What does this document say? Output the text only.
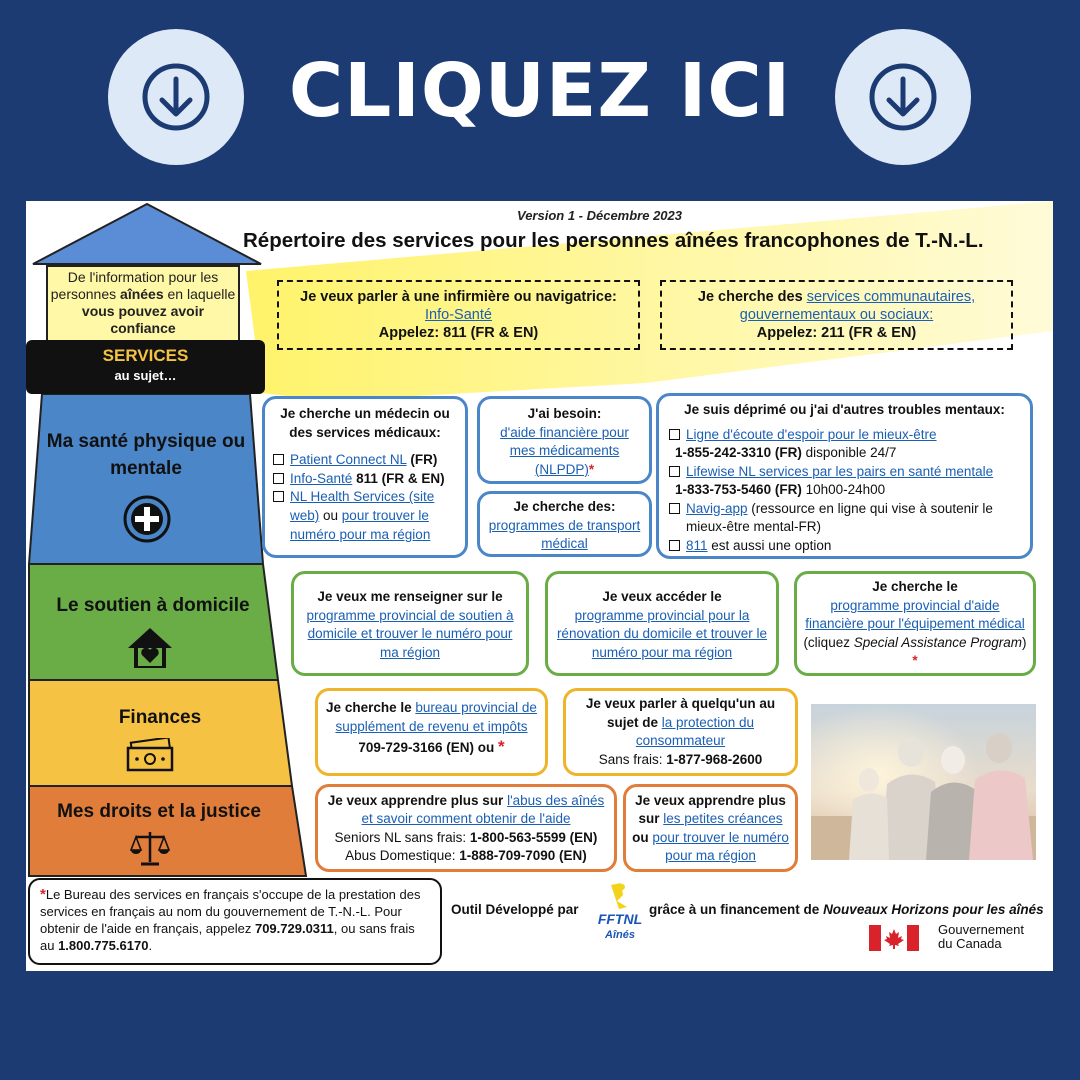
CLIQUEZ ICI
Version 1 - Décembre 2023
Répertoire des services pour les personnes aînées francophones de T.-N.-L.
De l'information pour les personnes aînées en laquelle vous pouvez avoir confiance
SERVICES
au sujet…
Ma santé physique ou mentale
Le soutien à domicile
Finances
Mes droits et la justice
Je veux parler à une infirmière ou navigatrice:
Info-Santé
Appelez: 811 (FR & EN)
Je cherche des services communautaires, gouvernementaux ou sociaux:
Appelez: 211 (FR & EN)
Je cherche un médecin ou des services médicaux:
Patient Connect NL (FR)
Info-Santé 811 (FR & EN)
NL Health Services (site web) ou pour trouver le numéro pour ma région
J'ai besoin:
d'aide financière pour mes médicaments (NLPDP)*
Je cherche des:
programmes de transport médical
Je suis déprimé ou j'ai d'autres troubles mentaux:
Ligne d'écoute d'espoir pour le mieux-être
1-855-242-3310 (FR) disponible 24/7
Lifewise NL services par les pairs en santé mentale
1-833-753-5460 (FR) 10h00-24h00
Navig-app (ressource en ligne qui vise à soutenir le mieux-être mental-FR)
811 est aussi une option
Je veux me renseigner sur le
programme provincial de soutien à domicile et trouver le numéro pour ma région
Je veux accéder le
programme provincial pour la rénovation du domicile et trouver le numéro pour ma région
Je cherche le
programme provincial d'aide financière pour l'équipement médical (cliquez Special Assistance Program) *
Je cherche le bureau provincial de supplément de revenu et impôts
709-729-3166 (EN) ou *
Je veux parler à quelqu'un au sujet de la protection du consommateur
Sans frais: 1-877-968-2600
Je veux apprendre plus sur l'abus des aînés et savoir comment obtenir de l'aide
Seniors NL sans frais: 1-800-563-5599 (EN)
Abus Domestique: 1-888-709-7090 (EN)
Je veux apprendre plus sur les petites créances ou pour trouver le numéro pour ma région
*Le Bureau des services en français s'occupe de la prestation des services en français au nom du gouvernement de T.-N.-L. Pour obtenir de l'aide en français, appelez 709.729.0311, ou sans frais au 1.800.775.6170.
Outil Développé par
FFTNL
Aînés
grâce à un financement de Nouveaux Horizons pour les aînés
Gouvernement
du Canada
